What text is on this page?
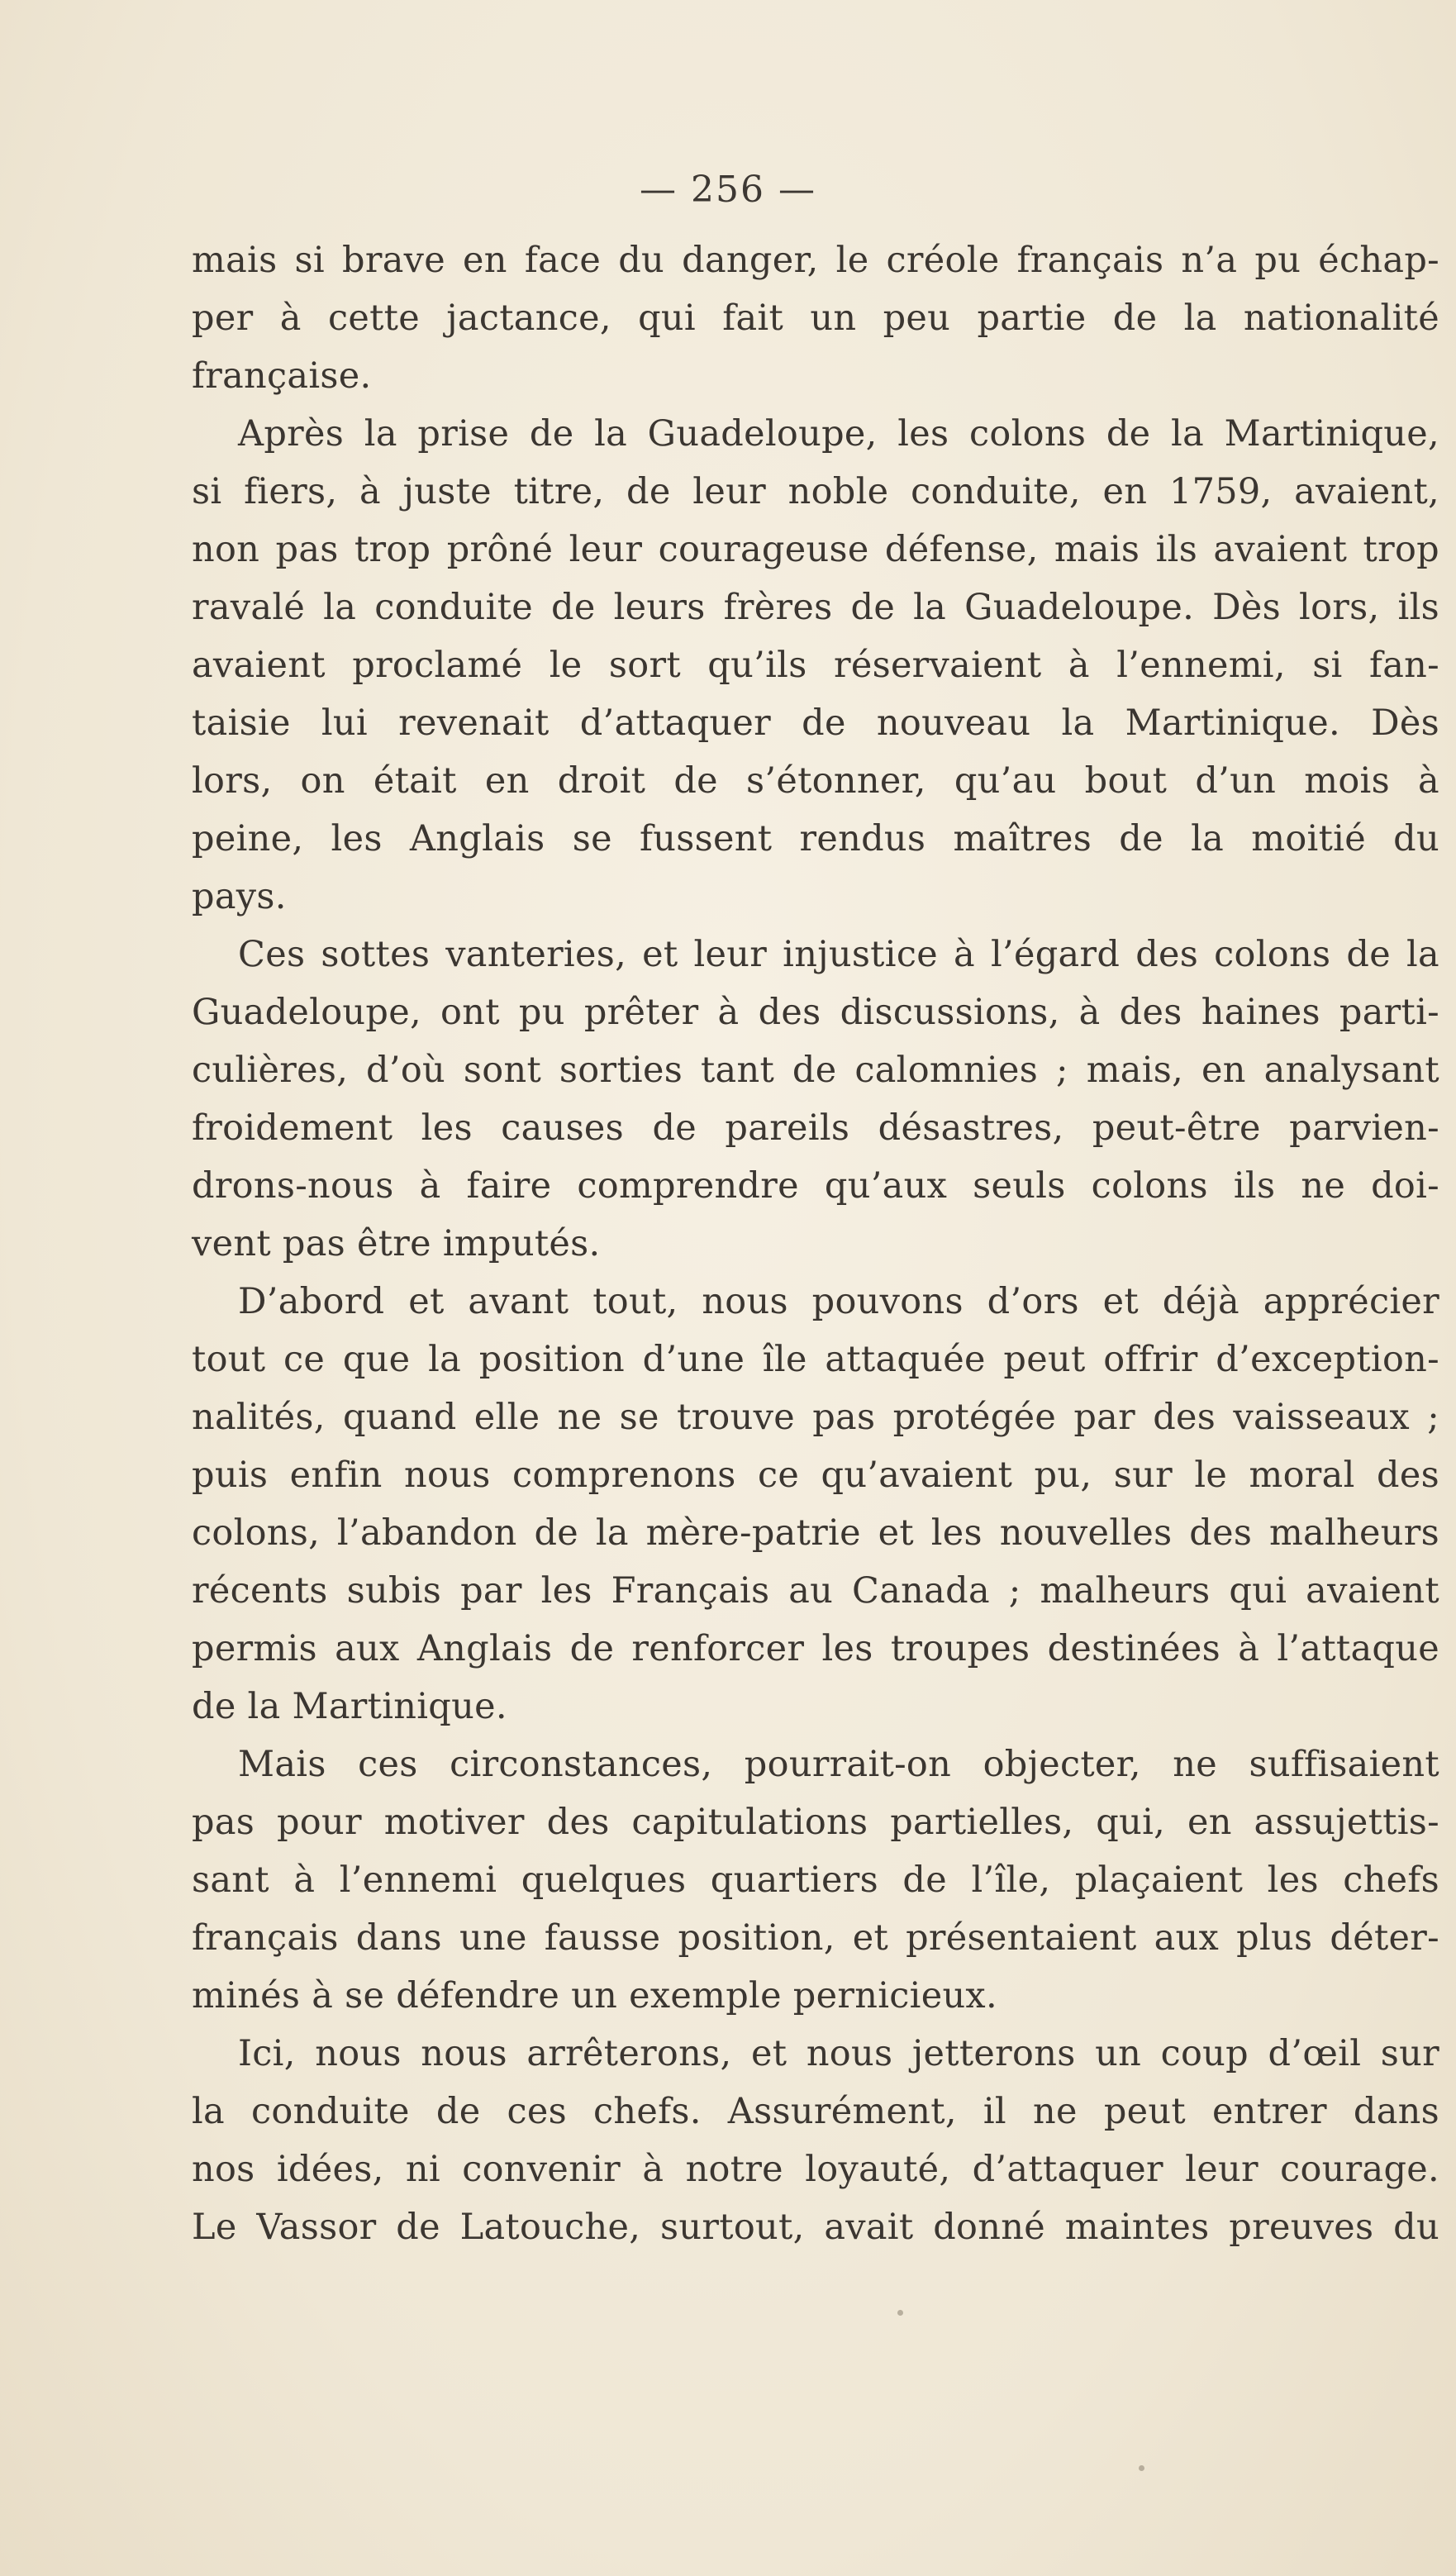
— 256 —
mais si brave en face du danger, le créole français n’a pu échap-
per à cette jactance, qui fait un peu partie de la nationalité
française.
Après la prise de la Guadeloupe, les colons de la Martinique,
si fiers, à juste titre, de leur noble conduite, en 1759, avaient,
non pas trop prôné leur courageuse défense, mais ils avaient trop
ravalé la conduite de leurs frères de la Guadeloupe. Dès lors, ils
avaient proclamé le sort qu’ils réservaient à l’ennemi, si fan-
taisie lui revenait d’attaquer de nouveau la Martinique. Dès
lors, on était en droit de s’étonner, qu’au bout d’un mois à
peine, les Anglais se fussent rendus maîtres de la moitié du
pays.
Ces sottes vanteries, et leur injustice à l’égard des colons de la
Guadeloupe, ont pu prêter à des discussions, à des haines parti-
culières, d’où sont sorties tant de calomnies ; mais, en analysant
froidement les causes de pareils désastres, peut-être parvien-
drons-nous à faire comprendre qu’aux seuls colons ils ne doi-
vent pas être imputés.
D’abord et avant tout, nous pouvons d’ors et déjà apprécier
tout ce que la position d’une île attaquée peut offrir d’exception-
nalités, quand elle ne se trouve pas protégée par des vaisseaux ;
puis enfin nous comprenons ce qu’avaient pu, sur le moral des
colons, l’abandon de la mère-patrie et les nouvelles des malheurs
récents subis par les Français au Canada ; malheurs qui avaient
permis aux Anglais de renforcer les troupes destinées à l’attaque
de la Martinique.
Mais ces circonstances, pourrait-on objecter, ne suffisaient
pas pour motiver des capitulations partielles, qui, en assujettis-
sant à l’ennemi quelques quartiers de l’île, plaçaient les chefs
français dans une fausse position, et présentaient aux plus déter-
minés à se défendre un exemple pernicieux.
Ici, nous nous arrêterons, et nous jetterons un coup d’œil sur
la conduite de ces chefs. Assurément, il ne peut entrer dans
nos idées, ni convenir à notre loyauté, d’attaquer leur courage.
Le Vassor de Latouche, surtout, avait donné maintes preuves du
